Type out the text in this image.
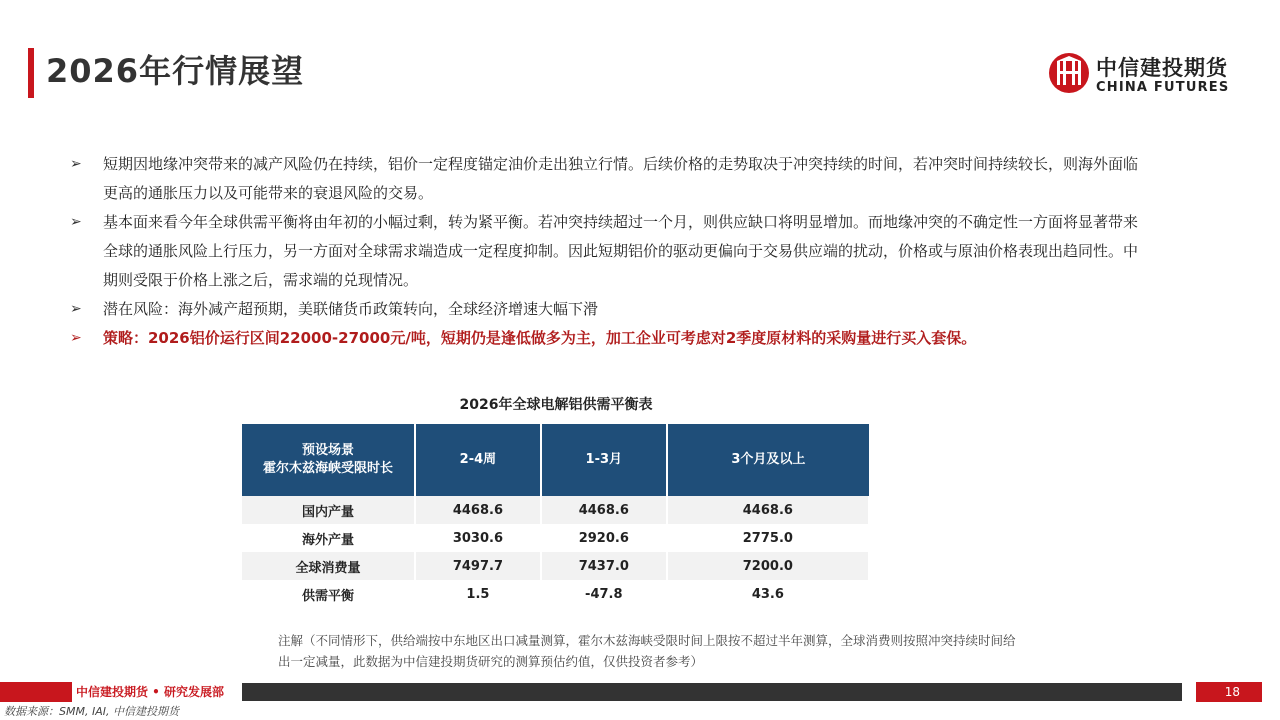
2026年行情展望	中信建投期货
CHINA FUTURES
➢	短期因地缘冲突带来的减产风险仍在持续，铝价一定程度锚定油价走出独立行情。后续价格的走势取决于冲突持续的时间，若冲突时间持续较长，则海外面临更高的通胀压力以及可能带来的衰退风险的交易。
➢	基本面来看今年全球供需平衡将由年初的小幅过剩，转为紧平衡。若冲突持续超过一个月，则供应缺口将明显增加。而地缘冲突的不确定性一方面将显著带来全球的通胀风险上行压力，另一方面对全球需求端造成一定程度抑制。因此短期铝价的驱动更偏向于交易供应端的扰动，价格或与原油价格表现出趋同性。中期则受限于价格上涨之后，需求端的兑现情况。
➢	潜在风险：海外减产超预期，美联储货币政策转向，全球经济增速大幅下滑
➢	策略：2026铝价运行区间22000-27000元/吨，短期仍是逢低做多为主，加工企业可考虑对2季度原材料的采购量进行买入套保。
2026年全球电解铝供需平衡表
预设场景
霍尔木兹海峡受限时长	2-4周	1-3月	3个月及以上
国内产量	4468.6	4468.6	4468.6
海外产量	3030.6	2920.6	2775.0
全球消费量	7497.7	7437.0	7200.0
供需平衡	1.5	-47.8	43.6
注解（不同情形下，供给端按中东地区出口减量测算，霍尔木兹海峡受限时间上限按不超过半年测算，全球消费则按照冲突持续时间给出一定减量，此数据为中信建投期货研究的测算预估约值，仅供投资者参考）
中信建投期货 • 研究发展部	18
数据来源：SMM, IAI, 中信建投期货
